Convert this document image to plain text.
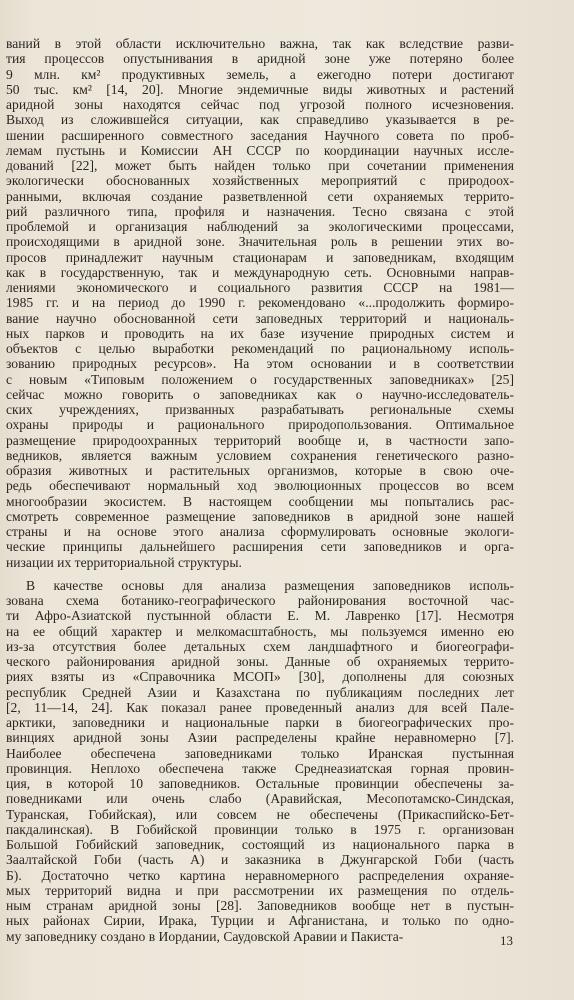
ваний в этой области исключительно важна, так как вследствие разви-
тия процессов опустынивания в аридной зоне уже потеряно более
9 млн. км² продуктивных земель, а ежегодно потери достигают
50 тыс. км² [14, 20]. Многие эндемичные виды животных и растений
аридной зоны находятся сейчас под угрозой полного исчезновения.
Выход из сложившейся ситуации, как справедливо указывается в ре-
шении расширенного совместного заседания Научного совета по проб-
лемам пустынь и Комиссии АН СССР по координации научных иссле-
дований [22], может быть найден только при сочетании применения
экологически обоснованных хозяйственных мероприятий с природоох-
ранными, включая создание разветвленной сети охраняемых террито-
рий различного типа, профиля и назначения. Тесно связана с этой
проблемой и организация наблюдений за экологическими процессами,
происходящими в аридной зоне. Значительная роль в решении этих во-
просов принадлежит научным стационарам и заповедникам, входящим
как в государственную, так и международную сеть. Основными направ-
лениями экономического и социального развития СССР на 1981—
1985 гг. и на период до 1990 г. рекомендовано «...продолжить формиро-
вание научно обоснованной сети заповедных территорий и националь-
ных парков и проводить на их базе изучение природных систем и
объектов с целью выработки рекомендаций по рациональному исполь-
зованию природных ресурсов». На этом основании и в соответствии
с новым «Типовым положением о государственных заповедниках» [25]
сейчас можно говорить о заповедниках как о научно-исследователь-
ских учреждениях, призванных разрабатывать региональные схемы
охраны природы и рационального природопользования. Оптимальное
размещение природоохранных территорий вообще и, в частности запо-
ведников, является важным условием сохранения генетического разно-
образия животных и растительных организмов, которые в свою оче-
редь обеспечивают нормальный ход эволюционных процессов во всем
многообразии экосистем. В настоящем сообщении мы попытались рас-
смотреть современное размещение заповедников в аридной зоне нашей
страны и на основе этого анализа сформулировать основные экологи-
ческие принципы дальнейшего расширения сети заповедников и орга-
низации их территориальной структуры.
В качестве основы для анализа размещения заповедников исполь-
зована схема ботанико-географического районирования восточной час-
ти Афро-Азиатской пустынной области Е. М. Лавренко [17]. Несмотря
на ее общий характер и мелкомасштабность, мы пользуемся именно ею
из-за отсутствия более детальных схем ландшафтного и биогеографи-
ческого районирования аридной зоны. Данные об охраняемых террито-
риях взяты из «Справочника МСОП» [30], дополнены для союзных
республик Средней Азии и Казахстана по публикациям последних лет
[2, 11—14, 24]. Как показал ранее проведенный анализ для всей Пале-
арктики, заповедники и национальные парки в биогеографических про-
винциях аридной зоны Азии распределены крайне неравномерно [7].
Наиболее обеспечена заповедниками только Иранская пустынная
провинция. Неплохо обеспечена также Среднеазиатская горная провин-
ция, в которой 10 заповедников. Остальные провинции обеспечены за-
поведниками или очень слабо (Аравийская, Месопотамско-Синдская,
Туранская, Гобийская), или совсем не обеспечены (Прикаспийско-Бет-
пакдалинская). В Гобийской провинции только в 1975 г. организован
Большой Гобийский заповедник, состоящий из национального парка в
Заалтайской Гоби (часть А) и заказника в Джунгарской Гоби (часть
Б). Достаточно четко картина неравномерного распределения охраняе-
мых территорий видна и при рассмотрении их размещения по отдель-
ным странам аридной зоны [28]. Заповедников вообще нет в пустын-
ных районах Сирии, Ирака, Турции и Афганистана, и только по одно-
му заповеднику создано в Иордании, Саудовской Аравии и Пакиста-	13
